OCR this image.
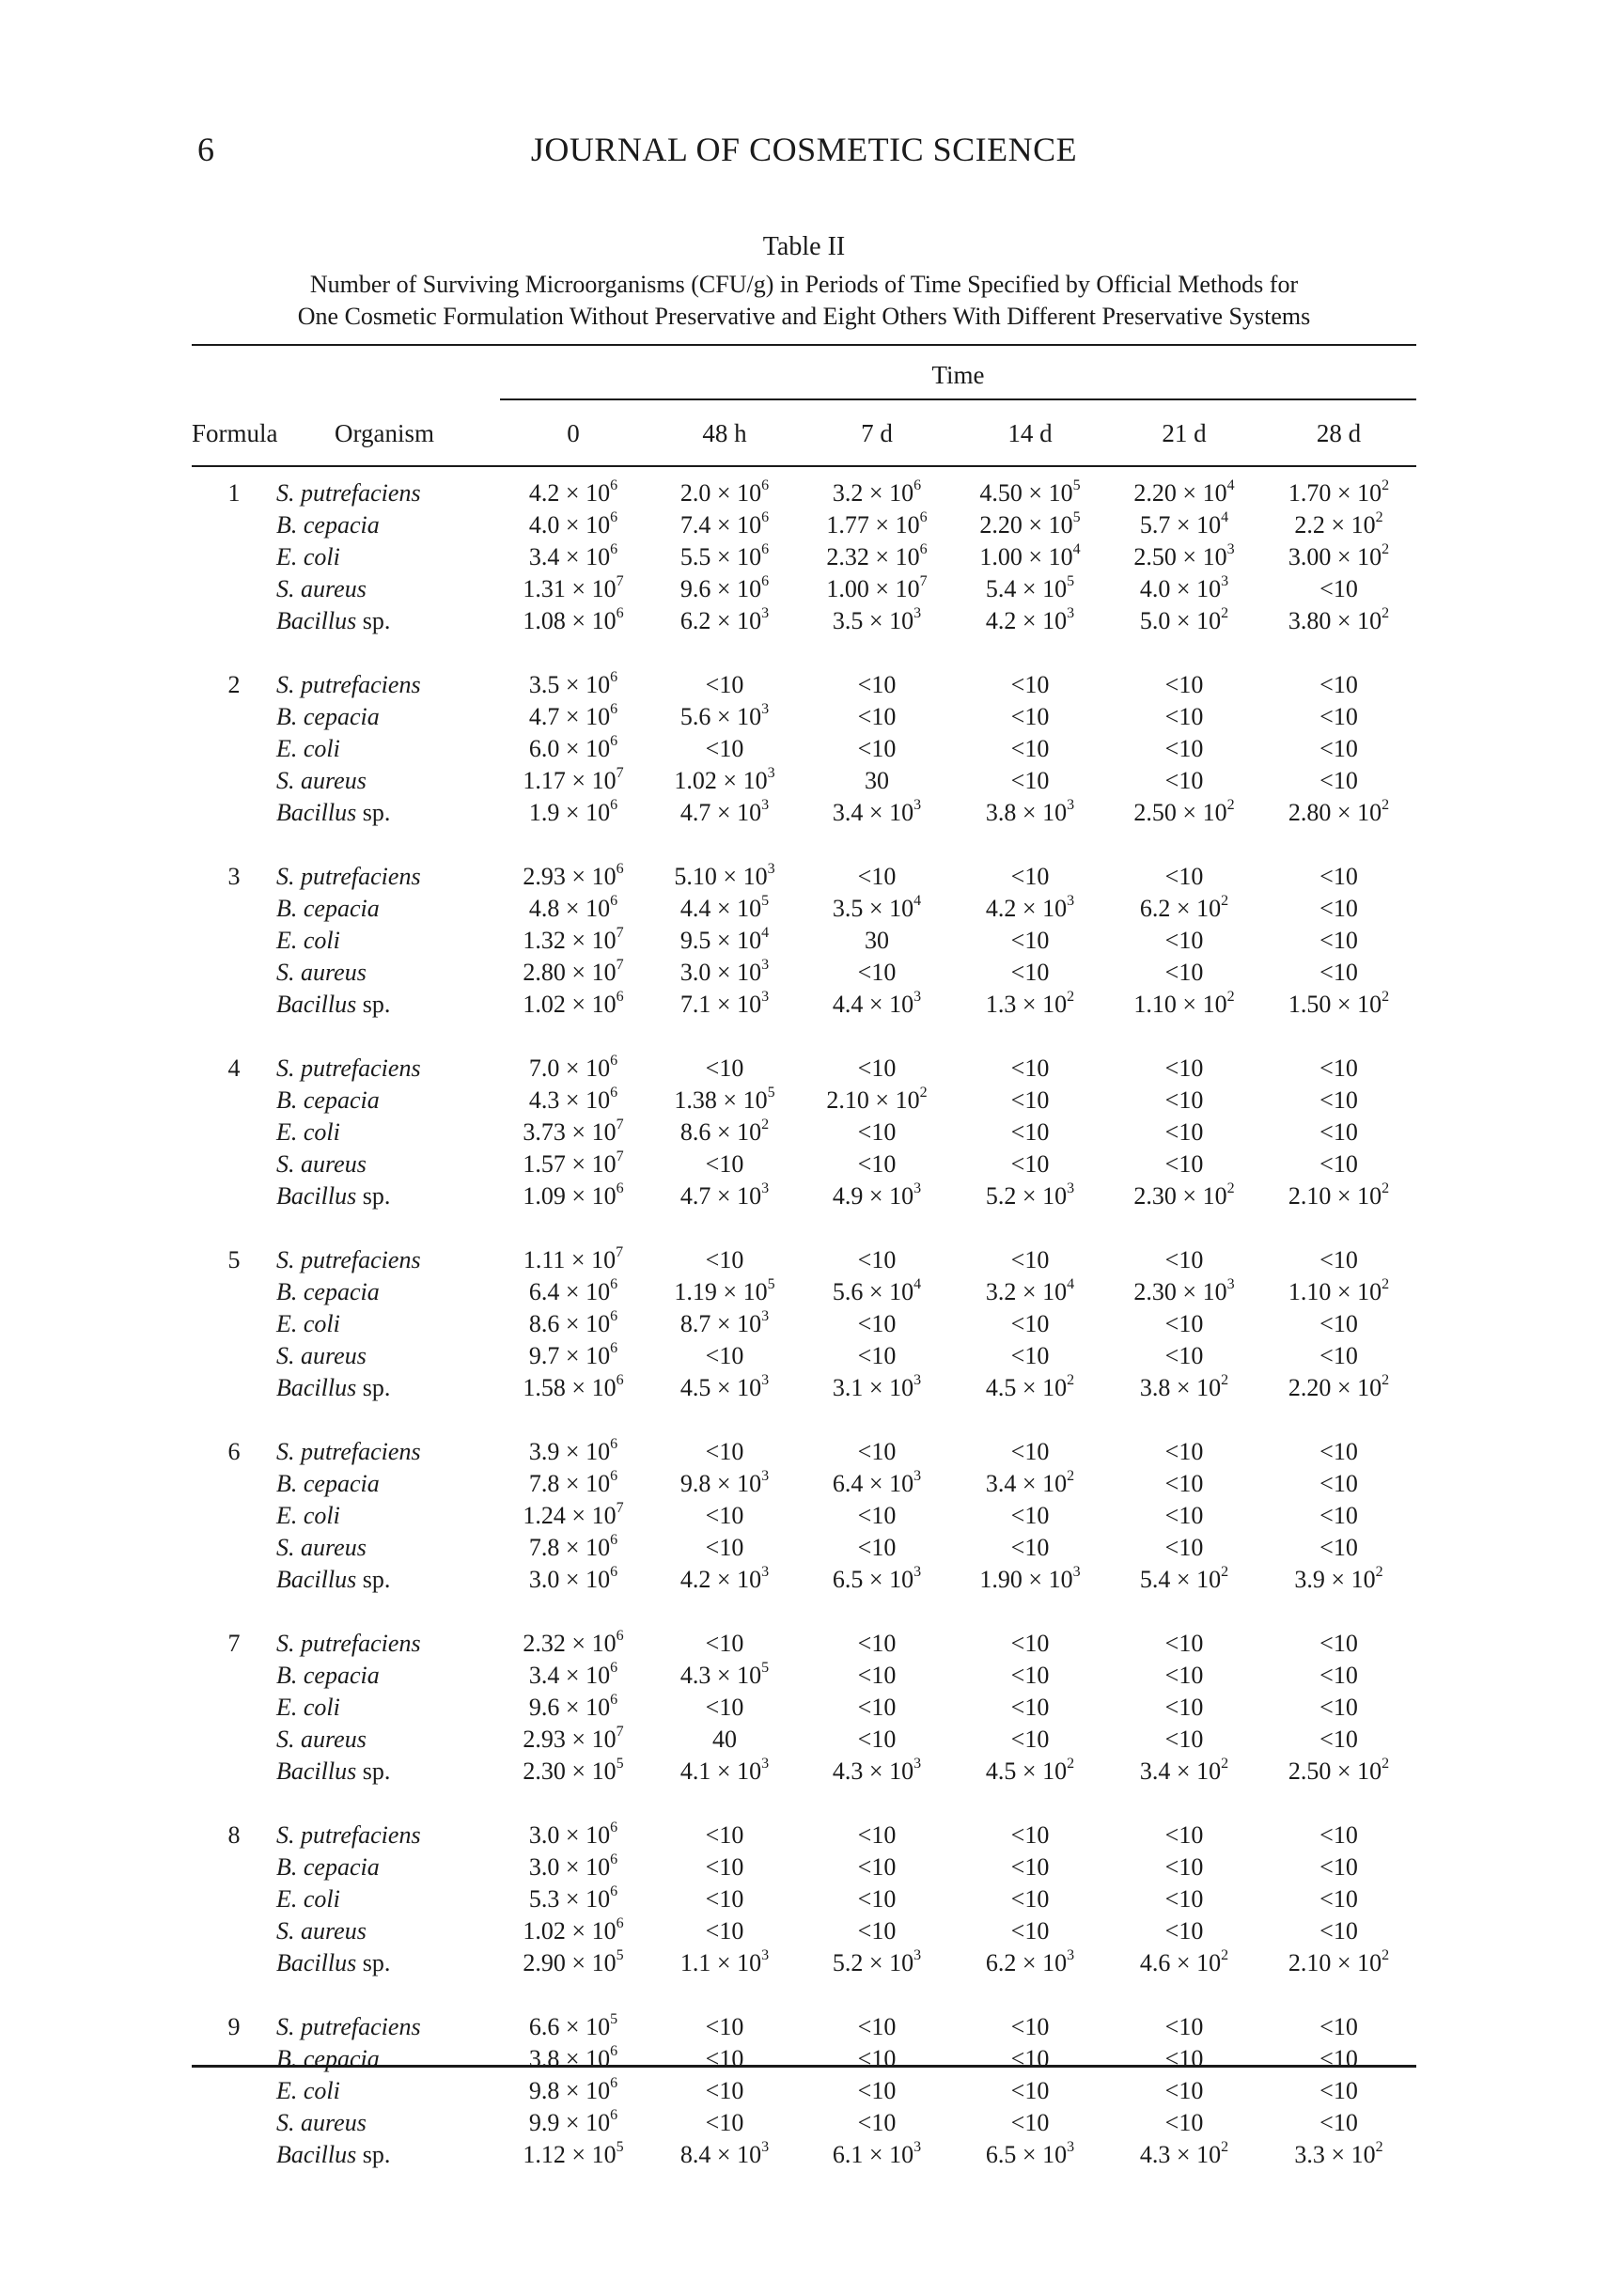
6	JOURNAL OF COSMETIC SCIENCE
Table II
Number of Surviving Microorganisms (CFU/g) in Periods of Time Specified by Official Methods for
One Cosmetic Formulation Without Preservative and Eight Others With Different Preservative Systems
Time
Formula Organism	0	48 h	7 d	14 d	21 d	28 d
1	S. putrefaciens	$4.2 \times 10^6$	$2.0 \times 10^6$	$3.2 \times 10^6$	$4.50 \times 10^5$	$2.20 \times 10^4$	$1.70 \times 10^2$
	B. cepacia	$4.0 \times 10^6$	$7.4 \times 10^6$	$1.77 \times 10^6$	$2.20 \times 10^5$	$5.7 \times 10^4$	$2.2 \times 10^2$
	E. coli	$3.4 \times 10^6$	$5.5 \times 10^6$	$2.32 \times 10^6$	$1.00 \times 10^4$	$2.50 \times 10^3$	$3.00 \times 10^2$
	S. aureus	$1.31 \times 10^7$	$9.6 \times 10^6$	$1.00 \times 10^7$	$5.4 \times 10^5$	$4.0 \times 10^3$	<10
	Bacillus sp.	$1.08 \times 10^6$	$6.2 \times 10^3$	$3.5 \times 10^3$	$4.2 \times 10^3$	$5.0 \times 10^2$	$3.80 \times 10^2$

2	S. putrefaciens	$3.5 \times 10^6$	<10	<10	<10	<10	<10
	B. cepacia	$4.7 \times 10^6$	$5.6 \times 10^3$	<10	<10	<10	<10
	E. coli	$6.0 \times 10^6$	<10	<10	<10	<10	<10
	S. aureus	$1.17 \times 10^7$	$1.02 \times 10^3$	30	<10	<10	<10
	Bacillus sp.	$1.9 \times 10^6$	$4.7 \times 10^3$	$3.4 \times 10^3$	$3.8 \times 10^3$	$2.50 \times 10^2$	$2.80 \times 10^2$

3	S. putrefaciens	$2.93 \times 10^6$	$5.10 \times 10^3$	<10	<10	<10	<10
	B. cepacia	$4.8 \times 10^6$	$4.4 \times 10^5$	$3.5 \times 10^4$	$4.2 \times 10^3$	$6.2 \times 10^2$	<10
	E. coli	$1.32 \times 10^7$	$9.5 \times 10^4$	30	<10	<10	<10
	S. aureus	$2.80 \times 10^7$	$3.0 \times 10^3$	<10	<10	<10	<10
	Bacillus sp.	$1.02 \times 10^6$	$7.1 \times 10^3$	$4.4 \times 10^3$	$1.3 \times 10^2$	$1.10 \times 10^2$	$1.50 \times 10^2$

4	S. putrefaciens	$7.0 \times 10^6$	<10	<10	<10	<10	<10
	B. cepacia	$4.3 \times 10^6$	$1.38 \times 10^5$	$2.10 \times 10^2$	<10	<10	<10
	E. coli	$3.73 \times 10^7$	$8.6 \times 10^2$	<10	<10	<10	<10
	S. aureus	$1.57 \times 10^7$	<10	<10	<10	<10	<10
	Bacillus sp.	$1.09 \times 10^6$	$4.7 \times 10^3$	$4.9 \times 10^3$	$5.2 \times 10^3$	$2.30 \times 10^2$	$2.10 \times 10^2$

5	S. putrefaciens	$1.11 \times 10^7$	<10	<10	<10	<10	<10
	B. cepacia	$6.4 \times 10^6$	$1.19 \times 10^5$	$5.6 \times 10^4$	$3.2 \times 10^4$	$2.30 \times 10^3$	$1.10 \times 10^2$
	E. coli	$8.6 \times 10^6$	$8.7 \times 10^3$	<10	<10	<10	<10
	S. aureus	$9.7 \times 10^6$	<10	<10	<10	<10	<10
	Bacillus sp.	$1.58 \times 10^6$	$4.5 \times 10^3$	$3.1 \times 10^3$	$4.5 \times 10^2$	$3.8 \times 10^2$	$2.20 \times 10^2$

6	S. putrefaciens	$3.9 \times 10^6$	<10	<10	<10	<10	<10
	B. cepacia	$7.8 \times 10^6$	$9.8 \times 10^3$	$6.4 \times 10^3$	$3.4 \times 10^2$	<10	<10
	E. coli	$1.24 \times 10^7$	<10	<10	<10	<10	<10
	S. aureus	$7.8 \times 10^6$	<10	<10	<10	<10	<10
	Bacillus sp.	$3.0 \times 10^6$	$4.2 \times 10^3$	$6.5 \times 10^3$	$1.90 \times 10^3$	$5.4 \times 10^2$	$3.9 \times 10^2$

7	S. putrefaciens	$2.32 \times 10^6$	<10	<10	<10	<10	<10
	B. cepacia	$3.4 \times 10^6$	$4.3 \times 10^5$	<10	<10	<10	<10
	E. coli	$9.6 \times 10^6$	<10	<10	<10	<10	<10
	S. aureus	$2.93 \times 10^7$	40	<10	<10	<10	<10
	Bacillus sp.	$2.30 \times 10^5$	$4.1 \times 10^3$	$4.3 \times 10^3$	$4.5 \times 10^2$	$3.4 \times 10^2$	$2.50 \times 10^2$

8	S. putrefaciens	$3.0 \times 10^6$	<10	<10	<10	<10	<10
	B. cepacia	$3.0 \times 10^6$	<10	<10	<10	<10	<10
	E. coli	$5.3 \times 10^6$	<10	<10	<10	<10	<10
	S. aureus	$1.02 \times 10^6$	<10	<10	<10	<10	<10
	Bacillus sp.	$2.90 \times 10^5$	$1.1 \times 10^3$	$5.2 \times 10^3$	$6.2 \times 10^3$	$4.6 \times 10^2$	$2.10 \times 10^2$

9	S. putrefaciens	$6.6 \times 10^5$	<10	<10	<10	<10	<10
	B. cepacia	$3.8 \times 10^6$	<10	<10	<10	<10	<10
	E. coli	$9.8 \times 10^6$	<10	<10	<10	<10	<10
	S. aureus	$9.9 \times 10^6$	<10	<10	<10	<10	<10
	Bacillus sp.	$1.12 \times 10^5$	$8.4 \times 10^3$	$6.1 \times 10^3$	$6.5 \times 10^3$	$4.3 \times 10^2$	$3.3 \times 10^2$
